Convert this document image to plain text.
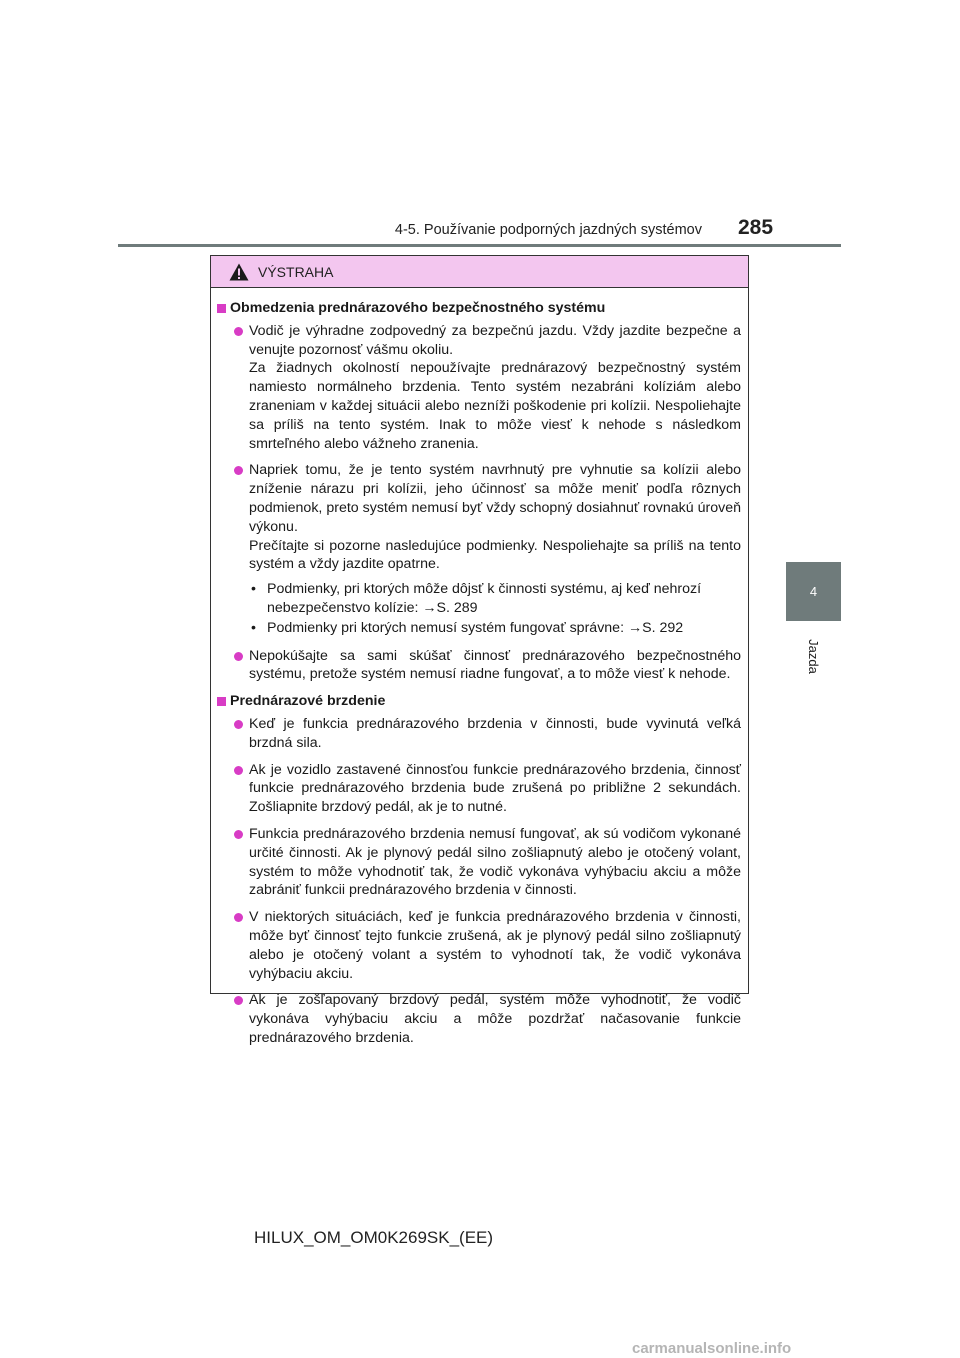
4-5. Používanie podporných jazdných systémov 285
4
Jazda
VÝSTRAHA
Obmedzenia prednárazového bezpečnostného systému

Vodič je výhradne zodpovedný za bezpečnú jazdu. Vždy jazdite bezpečne a venujte pozornosť vášmu okoliu.

Za žiadnych okolností nepoužívajte prednárazový bezpečnostný systém namiesto normálneho brzdenia. Tento systém nezabráni kolíziám alebo zraneniam v každej situácii alebo nezníži poškodenie pri kolízii. Nespoliehajte sa príliš na tento systém. Inak to môže viesť k nehode s následkom smrteľného alebo vážneho zranenia.

Napriek tomu, že je tento systém navrhnutý pre vyhnutie sa kolízii alebo zníženie nárazu pri kolízii, jeho účinnosť sa môže meniť podľa rôznych podmienok, preto systém nemusí byť vždy schopný dosiahnuť rovnakú úroveň výkonu.

Prečítajte si pozorne nasledujúce podmienky. Nespoliehajte sa príliš na tento systém a vždy jazdite opatrne.

• Podmienky, pri ktorých môže dôjsť k činnosti systému, aj keď nehrozí nebezpečenstvo kolízie: →S. 289
• Podmienky pri ktorých nemusí systém fungovať správne: →S. 292

Nepokúšajte sa sami skúšať činnosť prednárazového bezpečnostného systému, pretože systém nemusí riadne fungovať, a to môže viesť k nehode.

Prednárazové brzdenie

Keď je funkcia prednárazového brzdenia v činnosti, bude vyvinutá veľká brzdná sila.

Ak je vozidlo zastavené činnosťou funkcie prednárazového brzdenia, činnosť funkcie prednárazového brzdenia bude zrušená po približne 2 sekundách. Zošliapnite brzdový pedál, ak je to nutné.

Funkcia prednárazového brzdenia nemusí fungovať, ak sú vodičom vykonané určité činnosti. Ak je plynový pedál silno zošliapnutý alebo je otočený volant, systém to môže vyhodnotiť tak, že vodič vykonáva vyhýbaciu akciu a môže zabrániť funkcii prednárazového brzdenia v činnosti.

V niektorých situáciách, keď je funkcia prednárazového brzdenia v činnosti, môže byť činnosť tejto funkcie zrušená, ak je plynový pedál silno zošliapnutý alebo je otočený volant a systém to vyhodnotí tak, že vodič vykonáva vyhýbaciu akciu.

Ak je zošľapovaný brzdový pedál, systém môže vyhodnotiť, že vodič vykonáva vyhýbaciu akciu a môže pozdržať načasovanie funkcie prednárazového brzdenia.

HILUX_OM_OM0K269SK_(EE)
carmanualsonline.info
